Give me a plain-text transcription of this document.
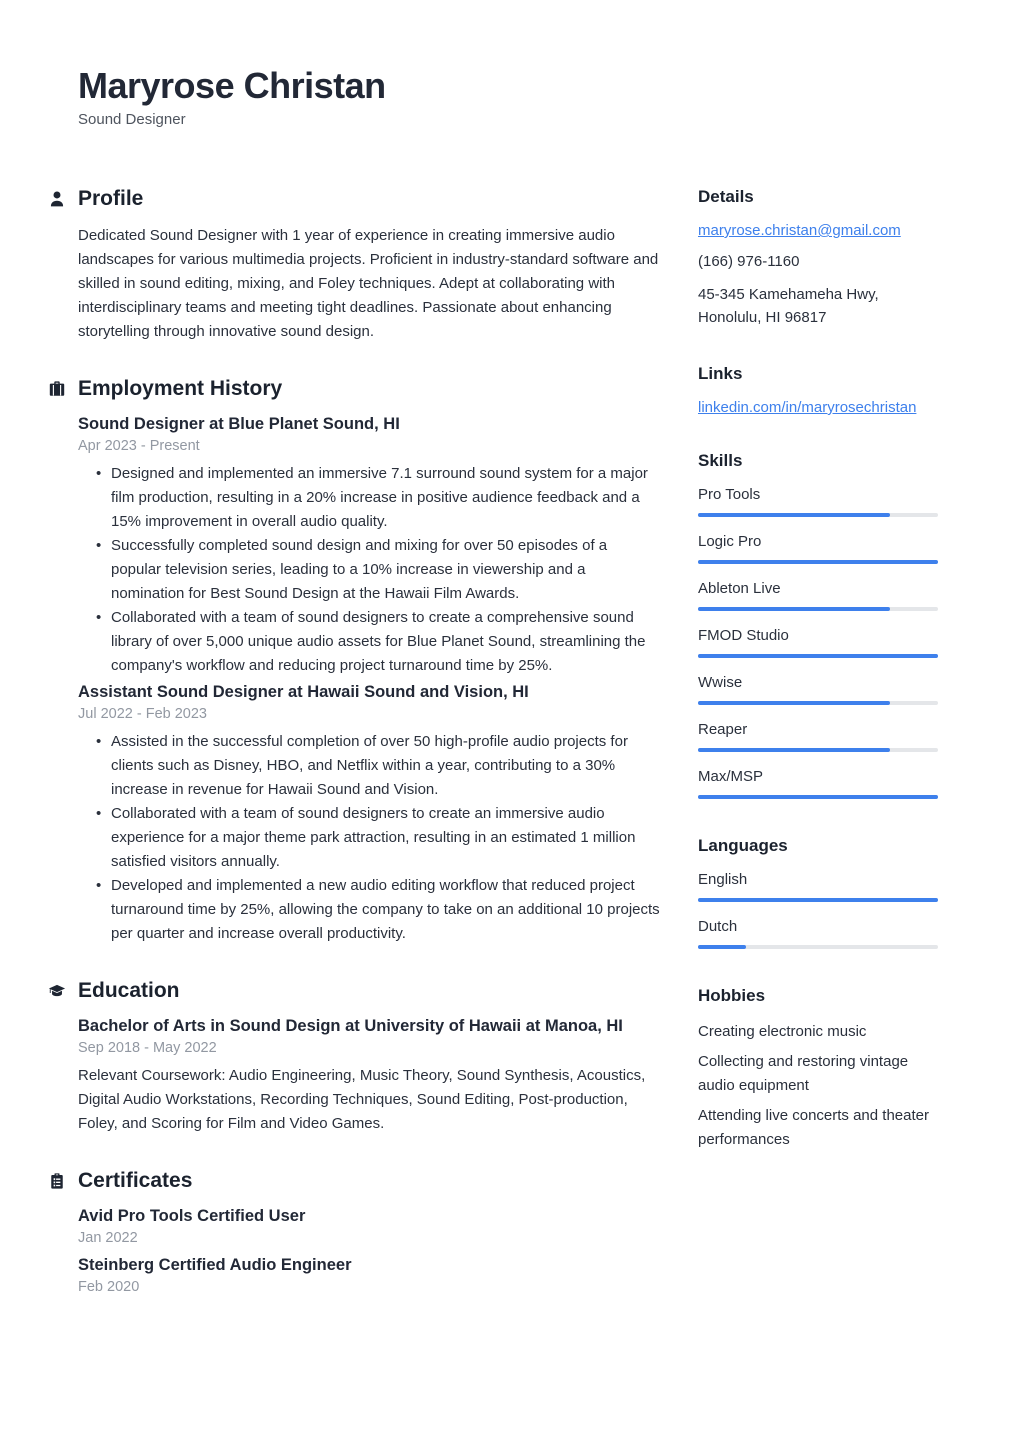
Maryrose Christan
Sound Designer
Profile

Dedicated Sound Designer with 1 year of experience in creating immersive audio landscapes for various multimedia projects. Proficient in industry-standard software and skilled in sound editing, mixing, and Foley techniques. Adept at collaborating with interdisciplinary teams and meeting tight deadlines. Passionate about enhancing storytelling through innovative sound design.

Employment History
Sound Designer at Blue Planet Sound, HI
Apr 2023 - Present
• Designed and implemented an immersive 7.1 surround sound system for a major film production, resulting in a 20% increase in positive audience feedback and a 15% improvement in overall audio quality.
• Successfully completed sound design and mixing for over 50 episodes of a popular television series, leading to a 10% increase in viewership and a nomination for Best Sound Design at the Hawaii Film Awards.
• Collaborated with a team of sound designers to create a comprehensive sound library of over 5,000 unique audio assets for Blue Planet Sound, streamlining the company's workflow and reducing project turnaround time by 25%.
Assistant Sound Designer at Hawaii Sound and Vision, HI
Jul 2022 - Feb 2023
• Assisted in the successful completion of over 50 high-profile audio projects for clients such as Disney, HBO, and Netflix within a year, contributing to a 30% increase in revenue for Hawaii Sound and Vision.
• Collaborated with a team of sound designers to create an immersive audio experience for a major theme park attraction, resulting in an estimated 1 million satisfied visitors annually.
• Developed and implemented a new audio editing workflow that reduced project turnaround time by 25%, allowing the company to take on an additional 10 projects per quarter and increase overall productivity.
Education
Bachelor of Arts in Sound Design at University of Hawaii at Manoa, HI
Sep 2018 - May 2022

Relevant Coursework: Audio Engineering, Music Theory, Sound Synthesis, Acoustics, Digital Audio Workstations, Recording Techniques, Sound Editing, Post-production, Foley, and Scoring for Film and Video Games.

Certificates
Avid Pro Tools Certified User
Jan 2022
Steinberg Certified Audio Engineer
Feb 2020
Details
maryrose.christan@gmail.com
(166) 976-1160
45-345 Kamehameha Hwy,
Honolulu, HI 96817
Links
linkedin.com/in/maryrosechristan
Skills
Pro Tools
Logic Pro
Ableton Live
FMOD Studio
Wwise
Reaper
Max/MSP
Languages
English
Dutch
Hobbies
Creating electronic music
Collecting and restoring vintage audio equipment
Attending live concerts and theater performances
